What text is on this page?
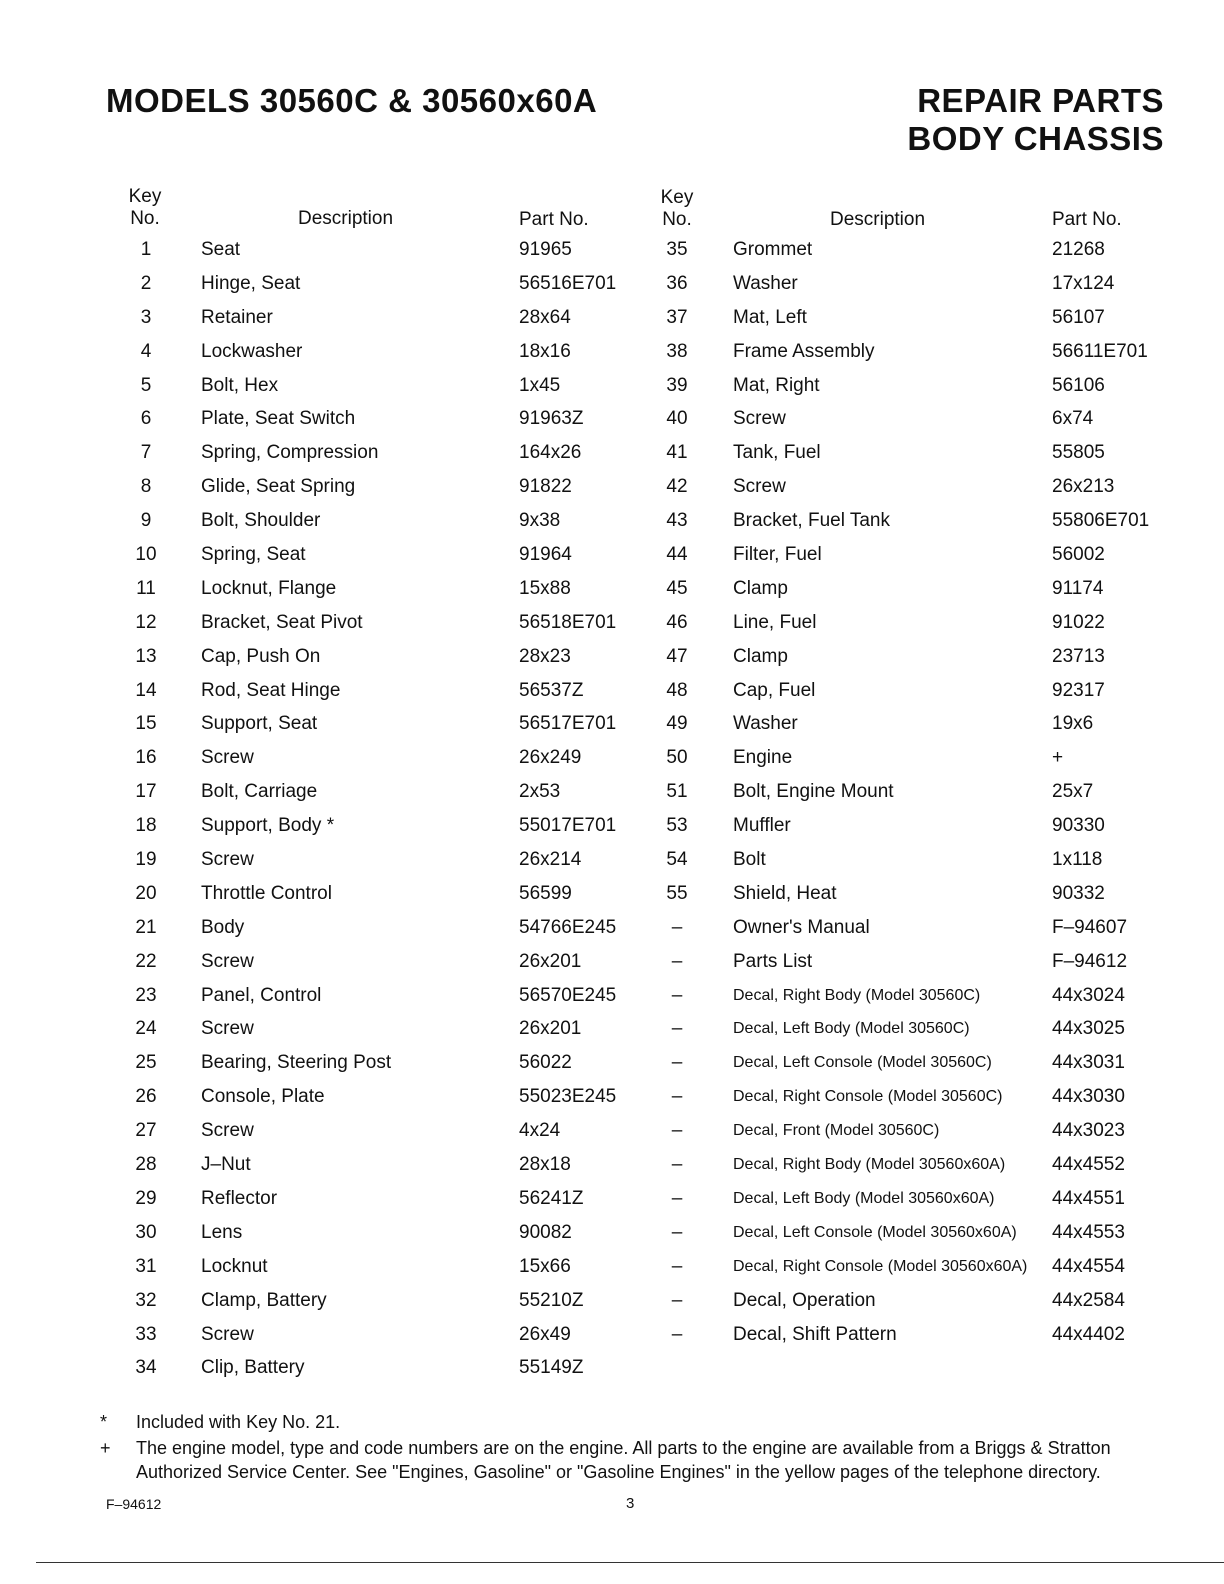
MODELS 30560C & 30560x60A	REPAIR PARTS
BODY CHASSIS
Key
No.	Description	Part No.
Key
No.	Description	Part No.
1	Seat	91965
2	Hinge, Seat	56516E701
3	Retainer	28x64
4	Lockwasher	18x16
5	Bolt, Hex	1x45
6	Plate, Seat Switch	91963Z
7	Spring, Compression	164x26
8	Glide, Seat Spring	91822
9	Bolt, Shoulder	9x38
10	Spring, Seat	91964
11	Locknut, Flange	15x88
12	Bracket, Seat Pivot	56518E701
13	Cap, Push On	28x23
14	Rod, Seat Hinge	56537Z
15	Support, Seat	56517E701
16	Screw	26x249
17	Bolt, Carriage	2x53
18	Support, Body *	55017E701
19	Screw	26x214
20	Throttle Control	56599
21	Body	54766E245
22	Screw	26x201
23	Panel, Control	56570E245
24	Screw	26x201
25	Bearing, Steering Post	56022
26	Console, Plate	55023E245
27	Screw	4x24
28	J–Nut	28x18
29	Reflector	56241Z
30	Lens	90082
31	Locknut	15x66
32	Clamp, Battery	55210Z
33	Screw	26x49
34	Clip, Battery	55149Z
35	Grommet	21268
36	Washer	17x124
37	Mat, Left	56107
38	Frame Assembly	56611E701
39	Mat, Right	56106
40	Screw	6x74
41	Tank, Fuel	55805
42	Screw	26x213
43	Bracket, Fuel Tank	55806E701
44	Filter, Fuel	56002
45	Clamp	91174
46	Line, Fuel	91022
47	Clamp	23713
48	Cap, Fuel	92317
49	Washer	19x6
50	Engine	+
51	Bolt, Engine Mount	25x7
53	Muffler	90330
54	Bolt	1x118
55	Shield, Heat	90332
–	Owner's Manual	F–94607
–	Parts List	F–94612
–	Decal, Right Body (Model 30560C)	44x3024
–	Decal, Left Body (Model 30560C)	44x3025
–	Decal, Left Console (Model 30560C)	44x3031
–	Decal, Right Console (Model 30560C)	44x3030
–	Decal, Front (Model 30560C)	44x3023
–	Decal, Right Body (Model 30560x60A) 44x4552
–	Decal, Left Body (Model 30560x60A)	44x4551
–	Decal, Left Console (Model 30560x60A) 44x4553
–	Decal, Right Console (Model 30560x60A) 44x4554
–	Decal, Operation	44x2584
–	Decal, Shift Pattern	44x4402
* Included with Key No. 21.
+ The engine model, type and code numbers are on the engine. All parts to the engine are available from a Briggs & Stratton
Authorized Service Center. See "Engines, Gasoline" or "Gasoline Engines" in the yellow pages of the telephone directory.
F–94612	3
